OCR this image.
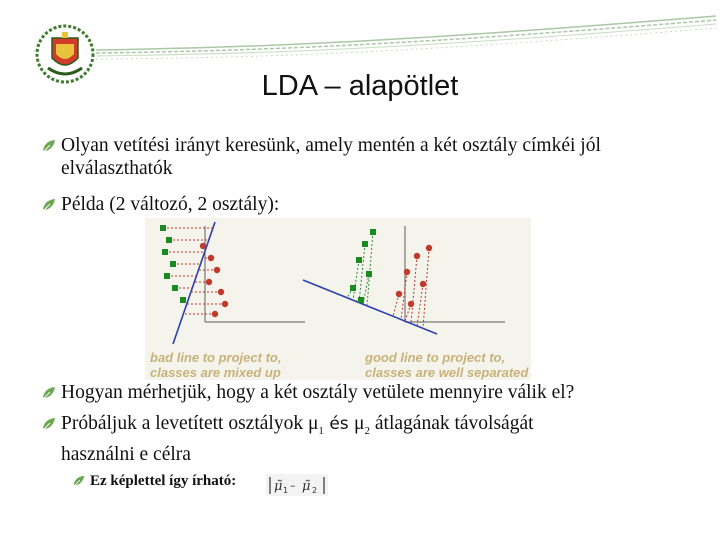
LDA – alapötlet
Olyan vetítési irányt keresünk, amely mentén a két osztály címkéi jól
elválaszthatók
Példa (2 változó, 2 osztály):
bad line to project to,
classes are mixed up
good line to project to,
classes are well separated
Hogyan mérhetjük, hogy a két osztály vetülete mennyire válik el?
Próbáljuk a levetített osztályok $\mu_1$ és $\mu_2$ átlagának távolságát
használni e célra
Ez képlettel így írható:	μ̃ 1 – μ̃ 2
